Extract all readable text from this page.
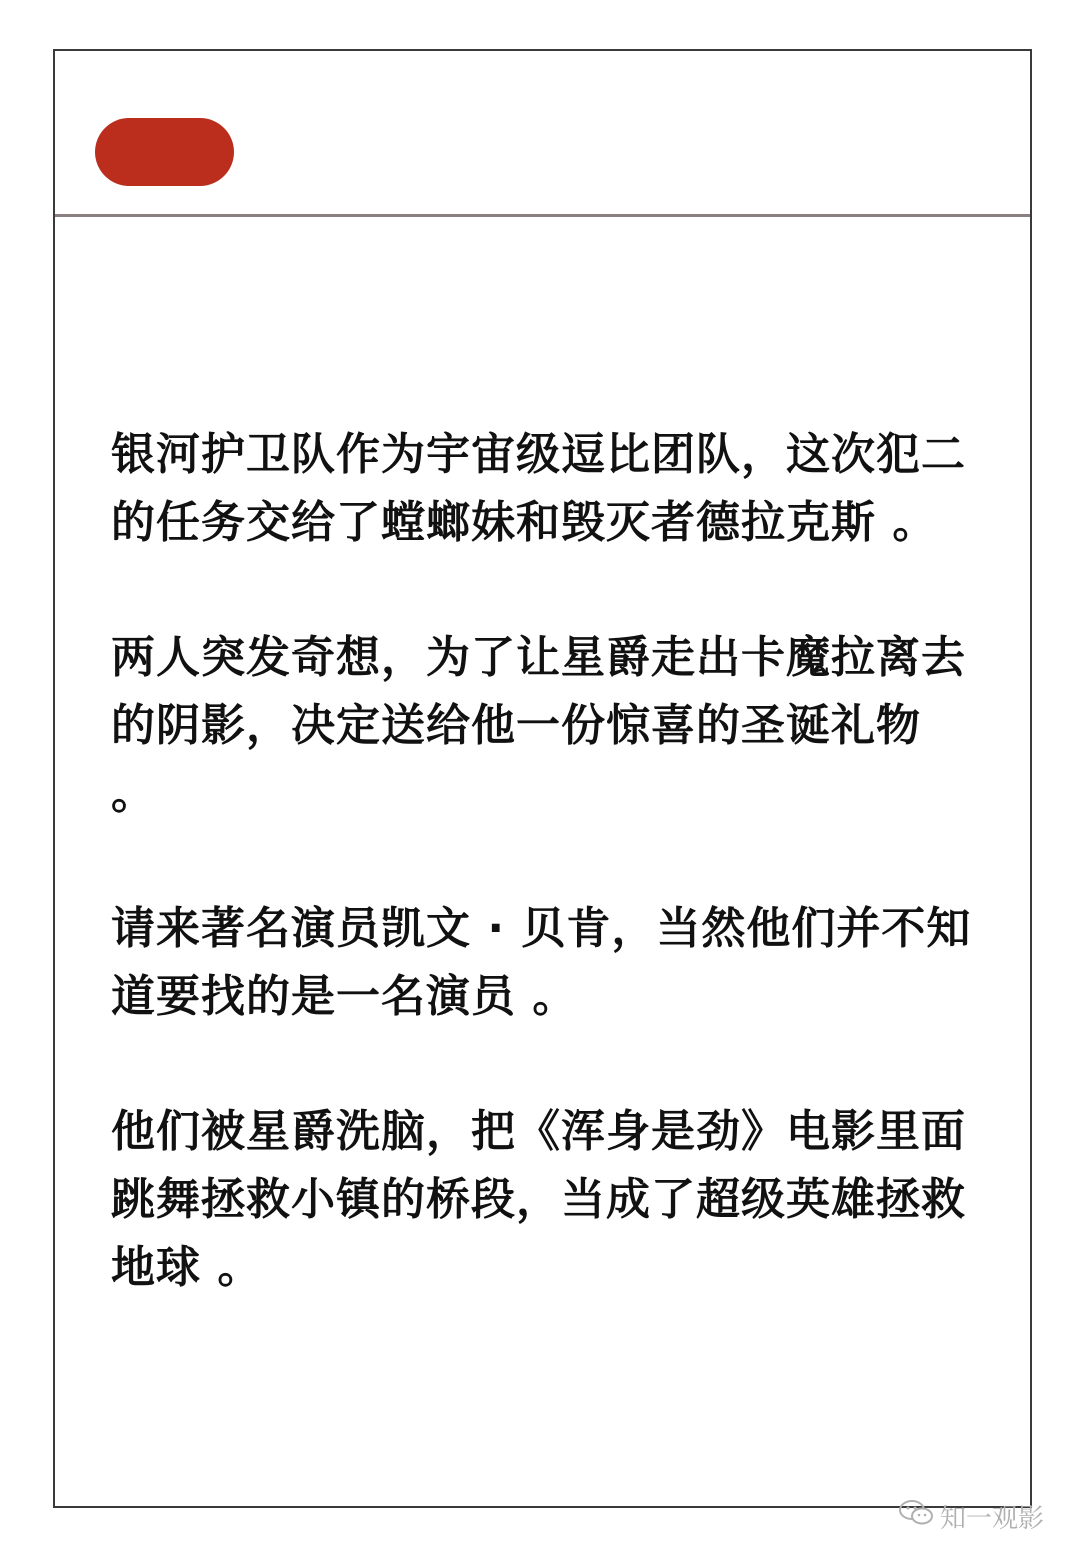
银河护卫队作为宇宙级逗比团队，这次犯二的任务交给了螳螂妹和毁灭者德拉克斯 。

两人突发奇想，为了让星爵走出卡魔拉离去的阴影，决定送给他一份惊喜的圣诞礼物 。

请来著名演员凯文 · 贝肯，当然他们并不知道要找的是一名演员 。

他们被星爵洗脑，把《浑身是劲》电影里面跳舞拯救小镇的桥段，当成了超级英雄拯救地球 。

知一观影
